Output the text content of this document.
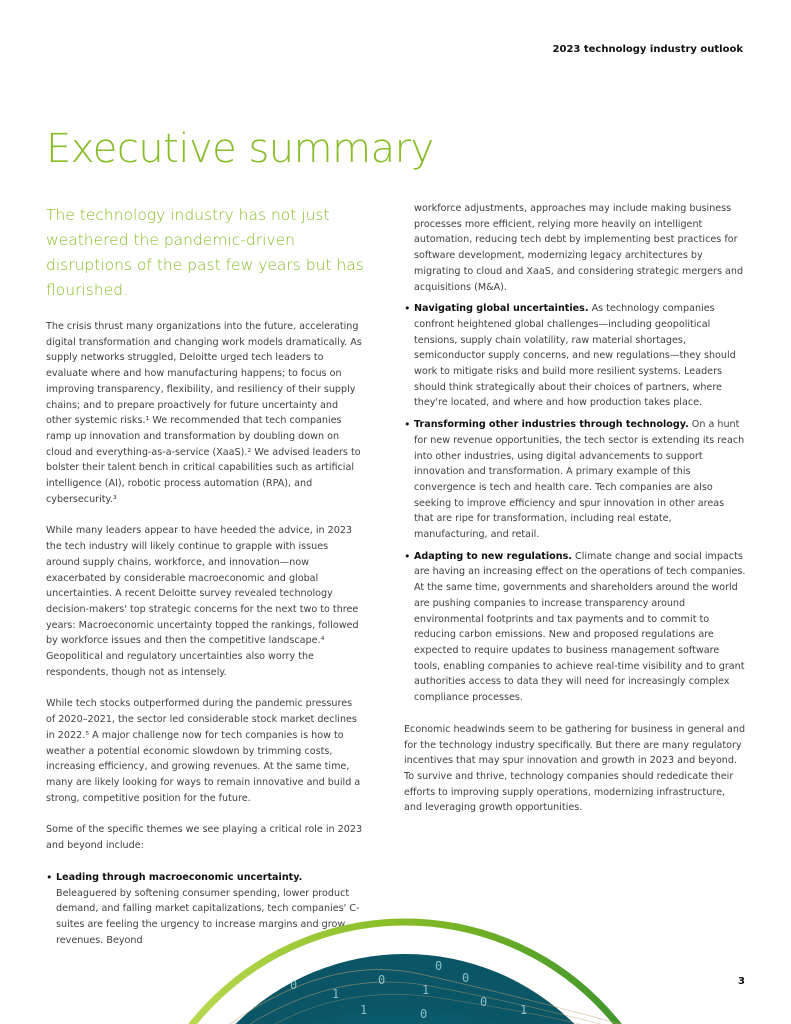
2023 technology industry outlook
Executive summary

The technology industry has not just weathered the pandemic-driven disruptions of the past few years but has flourished.

The crisis thrust many organizations into the future, accelerating digital transformation and changing work models dramatically. As supply networks struggled, Deloitte urged tech leaders to evaluate where and how manufacturing happens; to focus on improving transparency, flexibility, and resiliency of their supply chains; and to prepare proactively for future uncertainty and other systemic risks.¹ We recommended that tech companies ramp up innovation and transformation by doubling down on cloud and everything-as-a-service (XaaS).² We advised leaders to bolster their talent bench in critical capabilities such as artificial intelligence (AI), robotic process automation (RPA), and cybersecurity.³

While many leaders appear to have heeded the advice, in 2023 the tech industry will likely continue to grapple with issues around supply chains, workforce, and innovation—now exacerbated by considerable macroeconomic and global uncertainties. A recent Deloitte survey revealed technology decision-makers' top strategic concerns for the next two to three years: Macroeconomic uncertainty topped the rankings, followed by workforce issues and then the competitive landscape.⁴ Geopolitical and regulatory uncertainties also worry the respondents, though not as intensely.

While tech stocks outperformed during the pandemic pressures of 2020–2021, the sector led considerable stock market declines in 2022.⁵ A major challenge now for tech companies is how to weather a potential economic slowdown by trimming costs, increasing efficiency, and growing revenues. At the same time, many are likely looking for ways to remain innovative and build a strong, competitive position for the future.

Some of the specific themes we see playing a critical role in 2023 and beyond include:

• Leading through macroeconomic uncertainty. Beleaguered by softening consumer spending, lower product demand, and falling market capitalizations, tech companies' C-suites are feeling the urgency to increase margins and grow revenues. Beyond

workforce adjustments, approaches may include making business processes more efficient, relying more heavily on intelligent automation, reducing tech debt by implementing best practices for software development, modernizing legacy architectures by migrating to cloud and XaaS, and considering strategic mergers and acquisitions (M&A).

• Navigating global uncertainties. As technology companies confront heightened global challenges—including geopolitical tensions, supply chain volatility, raw material shortages, semiconductor supply concerns, and new regulations—they should work to mitigate risks and build more resilient systems. Leaders should think strategically about their choices of partners, where they're located, and where and how production takes place.
• Transforming other industries through technology. On a hunt for new revenue opportunities, the tech sector is extending its reach into other industries, using digital advancements to support innovation and transformation. A primary example of this convergence is tech and health care. Tech companies are also seeking to improve efficiency and spur innovation in other areas that are ripe for transformation, including real estate, manufacturing, and retail.
• Adapting to new regulations. Climate change and social impacts are having an increasing effect on the operations of tech companies. At the same time, governments and shareholders around the world are pushing companies to increase transparency around environmental footprints and tax payments and to commit to reducing carbon emissions. New and proposed regulations are expected to require updates to business management software tools, enabling companies to achieve real-time visibility and to grant authorities access to data they will need for increasingly complex compliance processes.

Economic headwinds seem to be gathering for business in general and for the technology industry specifically. But there are many regulatory incentives that may spur innovation and growth in 2023 and beyond. To survive and thrive, technology companies should rededicate their efforts to improving supply operations, modernizing infrastructure, and leveraging growth opportunities.

0
1
0
1
0
1	0
0
1
0
3
